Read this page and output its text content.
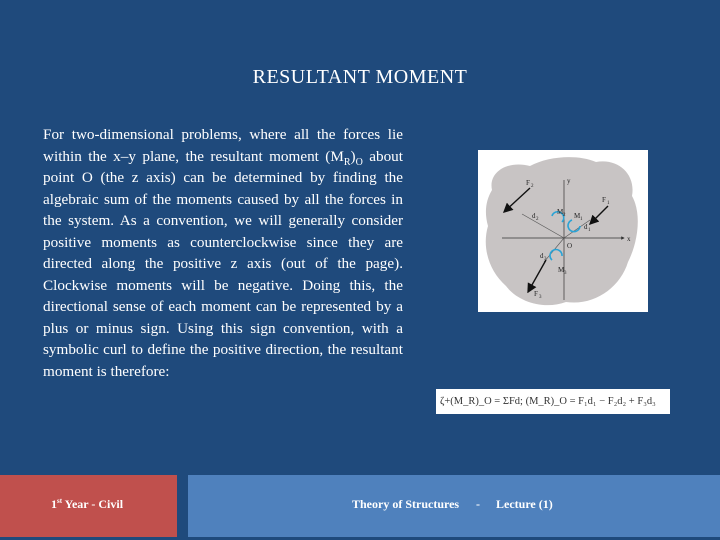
RESULTANT MOMENT
For two-dimensional problems, where all the forces lie within the x–y plane, the resultant moment $(M_R)_O$ about point O (the z axis) can be determined by finding the algebraic sum of the moments caused by all the forces in the system. As a convention, we will generally consider positive moments as counterclockwise since they are directed along the positive z axis (out of the page). Clockwise moments will be negative. Doing this, the directional sense of each moment can be represented by a plus or minus sign. Using this sign convention, with a symbolic curl to define the positive direction, the resultant moment is therefore:
y
x
O
F 2
F 1
F 3
M 2 M 1
M 3
d 2
d 1
d 3
ζ+(M_R)_O = ΣFd; (M_R)_O = F₁d₁ − F₂d₂ + F₃d₃
1st Year - Civil	Theory of Structures - Lecture (1)
